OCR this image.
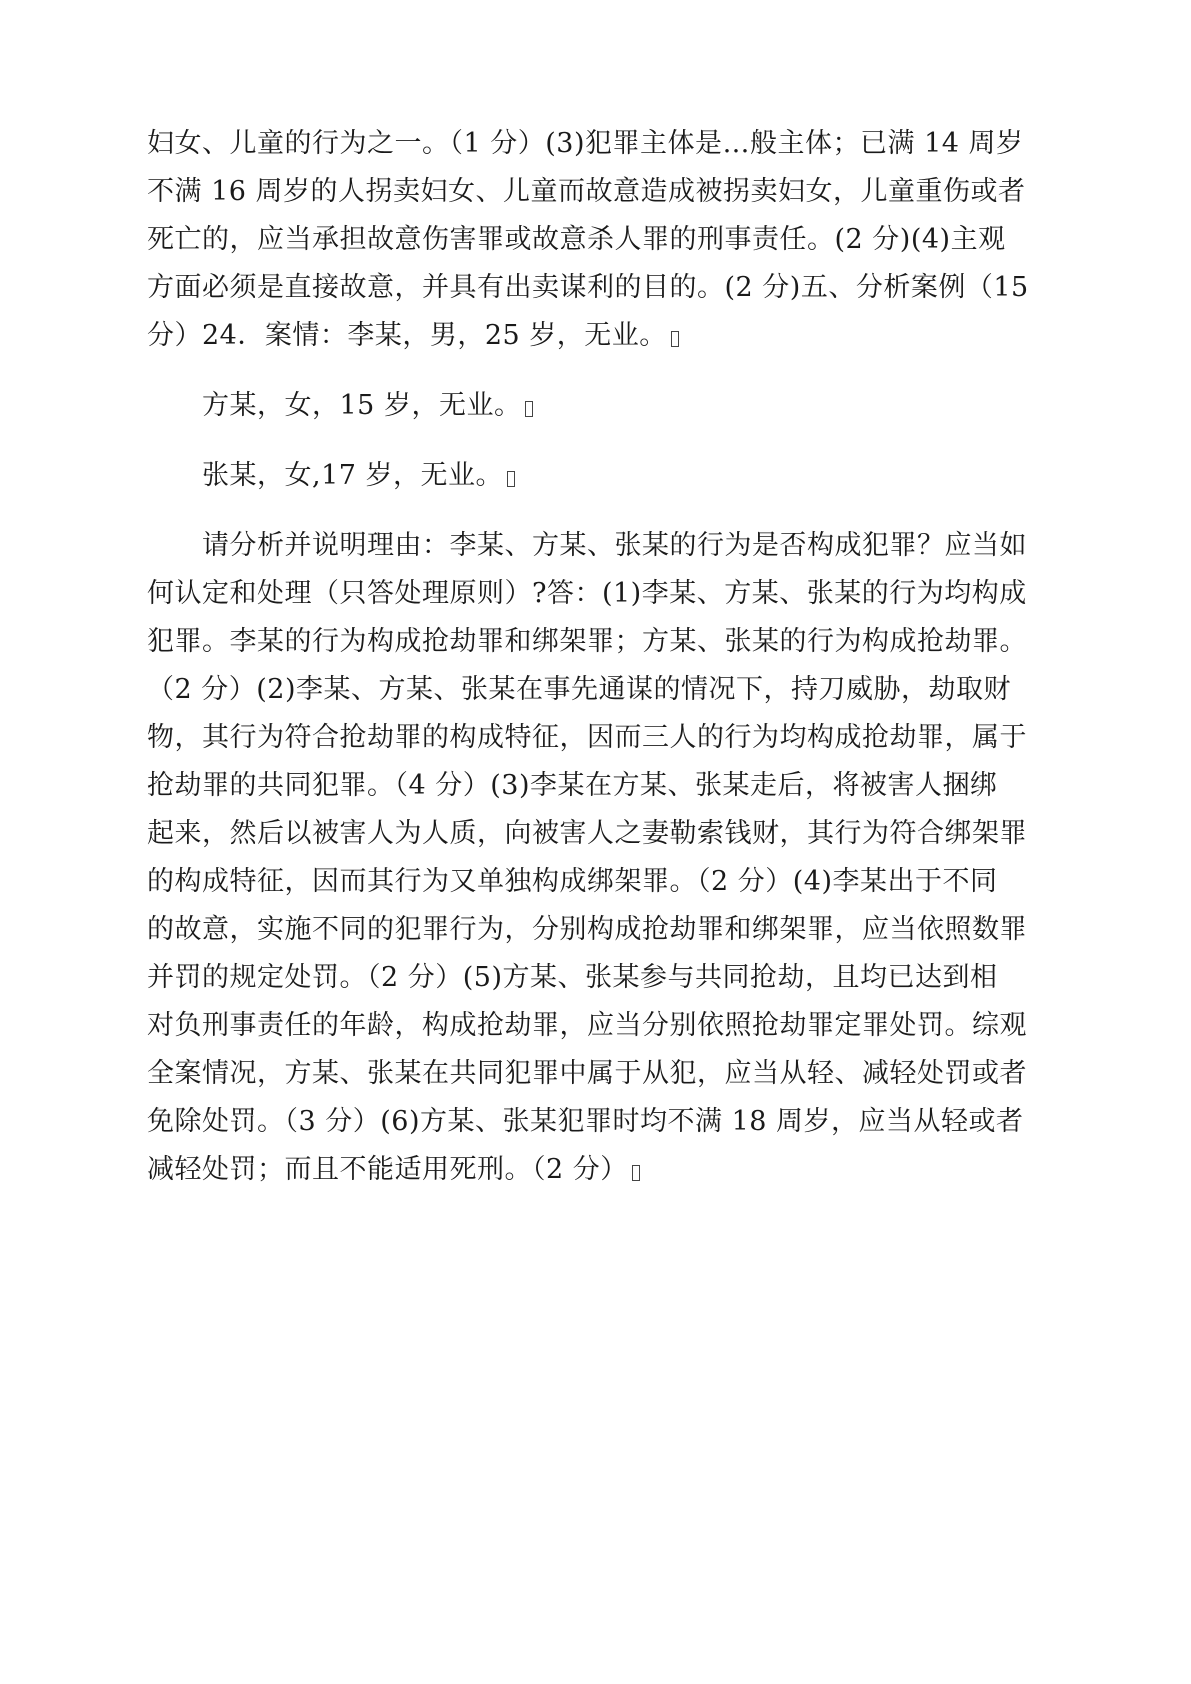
妇女、儿童的行为之一。（1 分）(3)犯罪主体是…般主体；已满 14 周岁
不满 16 周岁的人拐卖妇女、儿童而故意造成被拐卖妇女，儿童重伤或者
死亡的，应当承担故意伤害罪或故意杀人罪的刑事责任。(2 分)(4)主观
方面必须是直接故意，并具有出卖谋利的目的。(2 分)五、分析案例（15
分）24．案情：李某，男，25 岁，无业。
方某，女，15 岁，无业。
张某，女,17 岁，无业。
请分析并说明理由：李某、方某、张某的行为是否构成犯罪？应当如
何认定和处理（只答处理原则）?答：(1)李某、方某、张某的行为均构成
犯罪。李某的行为构成抢劫罪和绑架罪；方某、张某的行为构成抢劫罪。
（2 分）(2)李某、方某、张某在事先通谋的情况下，持刀威胁，劫取财
物，其行为符合抢劫罪的构成特征，因而三人的行为均构成抢劫罪，属于
抢劫罪的共同犯罪。（4 分）(3)李某在方某、张某走后，将被害人捆绑
起来，然后以被害人为人质，向被害人之妻勒索钱财，其行为符合绑架罪
的构成特征，因而其行为又单独构成绑架罪。（2 分）(4)李某出于不同
的故意，实施不同的犯罪行为，分别构成抢劫罪和绑架罪，应当依照数罪
并罚的规定处罚。（2 分）(5)方某、张某参与共同抢劫，且均已达到相
对负刑事责任的年龄，构成抢劫罪，应当分别依照抢劫罪定罪处罚。综观
全案情况，方某、张某在共同犯罪中属于从犯，应当从轻、减轻处罚或者
免除处罚。（3 分）(6)方某、张某犯罪时均不满 18 周岁，应当从轻或者
减轻处罚；而且不能适用死刑。（2 分）
